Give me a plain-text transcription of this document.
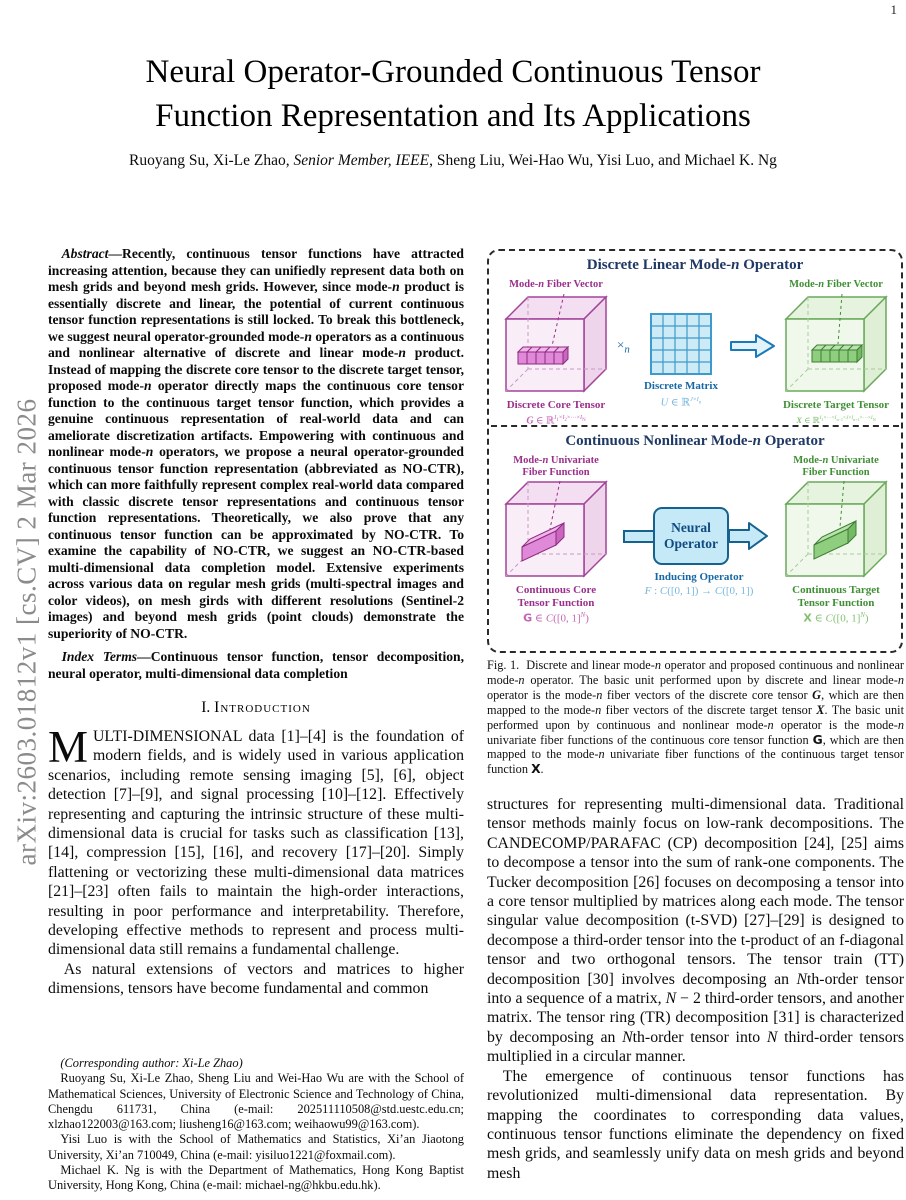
1
arXiv:2603.01812v1 [cs.CV] 2 Mar 2026
Neural Operator-Grounded Continuous Tensor
Function Representation and Its Applications
Ruoyang Su, Xi-Le Zhao, Senior Member, IEEE, Sheng Liu, Wei-Hao Wu, Yisi Luo, and Michael K. Ng

Abstract—Recently, continuous tensor functions have attracted increasing attention, because they can unifiedly represent data both on mesh grids and beyond mesh grids. However, since mode-n product is essentially discrete and linear, the potential of current continuous tensor function representations is still locked. To break this bottleneck, we suggest neural operator-grounded mode-n operators as a continuous and nonlinear alternative of discrete and linear mode-n product. Instead of mapping the discrete core tensor to the discrete target tensor, proposed mode-n operator directly maps the continuous core tensor function to the continuous target tensor function, which provides a genuine continuous representation of real-world data and can ameliorate discretization artifacts. Empowering with continuous and nonlinear mode-n operators, we propose a neural operator-grounded continuous tensor function representation (abbreviated as NO-CTR), which can more faithfully represent complex real-world data compared with classic discrete tensor representations and continuous tensor function representations. Theoretically, we also prove that any continuous tensor function can be approximated by NO-CTR. To examine the capability of NO-CTR, we suggest an NO-CTR-based multi-dimensional data completion model. Extensive experiments across various data on regular mesh grids (multi-spectral images and color videos), on mesh girds with different resolutions (Sentinel-2 images) and beyond mesh grids (point clouds) demonstrate the superiority of NO-CTR.

Index Terms—Continuous tensor function, tensor decomposition, neural operator, multi-dimensional data completion

I. Introduction

MULTI-DIMENSIONAL data [1]–[4] is the foundation of modern fields, and is widely used in various application scenarios, including remote sensing imaging [5], [6], object detection [7]–[9], and signal processing [10]–[12]. Effectively representing and capturing the intrinsic structure of these multi-dimensional data is crucial for tasks such as classification [13], [14], compression [15], [16], and recovery [17]–[20]. Simply flattening or vectorizing these multi-dimensional data matrices [21]–[23] often fails to maintain the high-order interactions, resulting in poor performance and interpretability. Therefore, developing effective methods to represent and process multi-dimensional data still remains a fundamental challenge.

As natural extensions of vectors and matrices to higher dimensions, tensors have become fundamental and common

(Corresponding author: Xi-Le Zhao)

Ruoyang Su, Xi-Le Zhao, Sheng Liu and Wei-Hao Wu are with the School of Mathematical Sciences, University of Electronic Science and Technology of China, Chengdu 611731, China (e-mail: 202511110508@std.uestc.edu.cn; xlzhao122003@163.com; liusheng16@163.com; weihaowu99@163.com).

Yisi Luo is with the School of Mathematics and Statistics, Xi’an Jiaotong University, Xi’an 710049, China (e-mail: yisiluo1221@foxmail.com).

Michael K. Ng is with the Department of Mathematics, Hong Kong Baptist University, Hong Kong, China (e-mail: michael-ng@hkbu.edu.hk).

Discrete Linear Mode-n Operator
Mode-n Fiber Vector
Discrete Core Tensor
G ∈ ℝ$^{I_1\times I_2\times\cdot\cdot\cdot\times I_N}$
$\times_n$
Discrete Matrix
U ∈ ℝ$^{J\times I_n}$
Mode-n Fiber Vector
Discrete Target Tensor
X ∈ ℝ$^{I_1\times\cdot\cdot\cdot\times I_{n-1}\times J\times I_{n+1}\times\cdot\cdot\cdot\times I_N}$
Continuous Nonlinear Mode-n Operator
Mode-n Univariate
Fiber Function
Continuous Core
Tensor Function
G ∈ C([0, 1]$^N$)
Neural
Operator
Inducing Operator
F : C([0, 1]) → C([0, 1])
Mode-n Univariate
Fiber Function
Continuous Target
Tensor Function
X ∈ C([0, 1]$^N$)
Fig. 1.  Discrete and linear mode-n operator and proposed continuous and nonlinear mode-n operator. The basic unit performed upon by discrete and linear mode-n operator is the mode-n fiber vectors of the discrete core tensor G, which are then mapped to the mode-n fiber vectors of the discrete target tensor X. The basic unit performed upon by continuous and nonlinear mode-n operator is the mode-n univariate fiber functions of the continuous core tensor function G, which are then mapped to the mode-n univariate fiber functions of the continuous target tensor function X.

structures for representing multi-dimensional data. Traditional tensor methods mainly focus on low-rank decompositions. The CANDECOMP/PARAFAC (CP) decomposition [24], [25] aims to decompose a tensor into the sum of rank-one components. The Tucker decomposition [26] focuses on decomposing a tensor into a core tensor multiplied by matrices along each mode. The tensor singular value decomposition (t-SVD) [27]–[29] is designed to decompose a third-order tensor into the t-product of an f-diagonal tensor and two orthogonal tensors. The tensor train (TT) decomposition [30] involves decomposing an Nth-order tensor into a sequence of a matrix, N − 2 third-order tensors, and another matrix. The tensor ring (TR) decomposition [31] is characterized by decomposing an Nth-order tensor into N third-order tensors multiplied in a circular manner.

The emergence of continuous tensor functions has revolutionized multi-dimensional data representation. By mapping the coordinates to corresponding data values, continuous tensor functions eliminate the dependency on fixed mesh grids, and seamlessly unify data on mesh grids and beyond mesh
